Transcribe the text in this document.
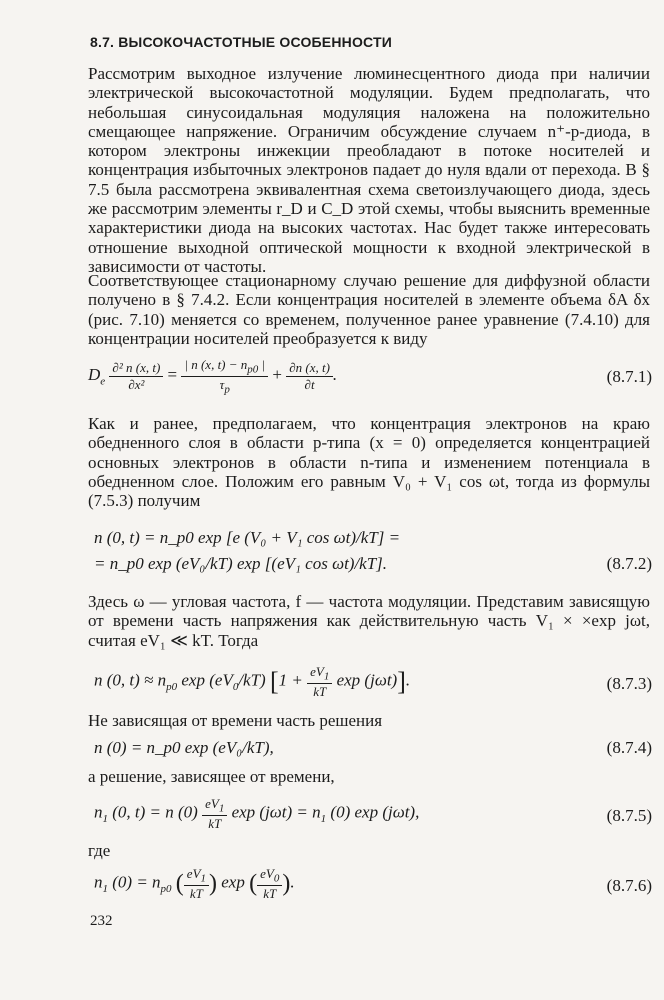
8.7. ВЫСОКОЧАСТОТНЫЕ ОСОБЕННОСТИ
Рассмотрим выходное излучение люминесцентного диода при наличии электрической высокочастотной модуляции. Будем предполагать, что небольшая синусоидальная модуляция наложена на положительно смещающее напряжение. Ограничим обсуждение случаем n⁺-p-диода, в котором электроны инжекции преобладают в потоке носителей и концентрация избыточных электронов падает до нуля вдали от перехода. В § 7.5 была рассмотрена эквивалентная схема светоизлучающего диода, здесь же рассмотрим элементы r_D и C_D этой схемы, чтобы выяснить временные характеристики диода на высоких частотах. Нас будет также интересовать отношение выходной оптической мощности к входной электрической в зависимости от частоты.
Соответствующее стационарному случаю решение для диффузной области получено в § 7.4.2. Если концентрация носителей в элементе объема δA δx (рис. 7.10) меняется со временем, полученное ранее уравнение (7.4.10) для концентрации носителей преобразуется к виду
$D_e \frac{\text{∂² n (x, t)}}{\text{∂x²}} = \frac{| n (x, t) - n_{p0} |}{\tau_p} + \frac{\partial n (x, t)}{\partial t}$ .	(8.7.1)
Как и ранее, предполагаем, что концентрация электронов на краю обедненного слоя в области p-типа (x = 0) определяется концентрацией основных электронов в области n-типа и изменением потенциала в обедненном слое. Положим его равным V₀ + V₁ cos ωt, тогда из формулы (7.5.3) получим
n (0, t) = n_p0 exp [e (V₀ + V₁ cos ωt)/kT] =
= n_p0 exp (eV₀/kT) exp [(eV₁ cos ωt)/kT].	(8.7.2)
Здесь ω — угловая частота, f — частота модуляции. Представим зависящую от времени часть напряжения как действительную часть V₁ × ×exp jωt, считая eV₁ ≪ kT. Тогда
n (0, $t) \approx n_{p0}$ $\exp (eV_0/kT) [1 + \frac{eV_1}{kT}$ exp (jωt)].	(8.7.3)
Не зависящая от времени часть решения
n (0) = n_p0 exp (eV₀/kT),	(8.7.4)
а решение, зависящее от времени,
$n_1$ (0, t) = n $(0) \frac{eV_1}{kT}$ $\exp (j\omega t) = n_1$ (0) exp (jωt),	(8.7.5)
где
$n_1$ $(0) = n_{p0}$ ( $\frac{eV_1}{kT}$ ) exp ( $\frac{eV_0}{kT}$ ).	(8.7.6)
232
